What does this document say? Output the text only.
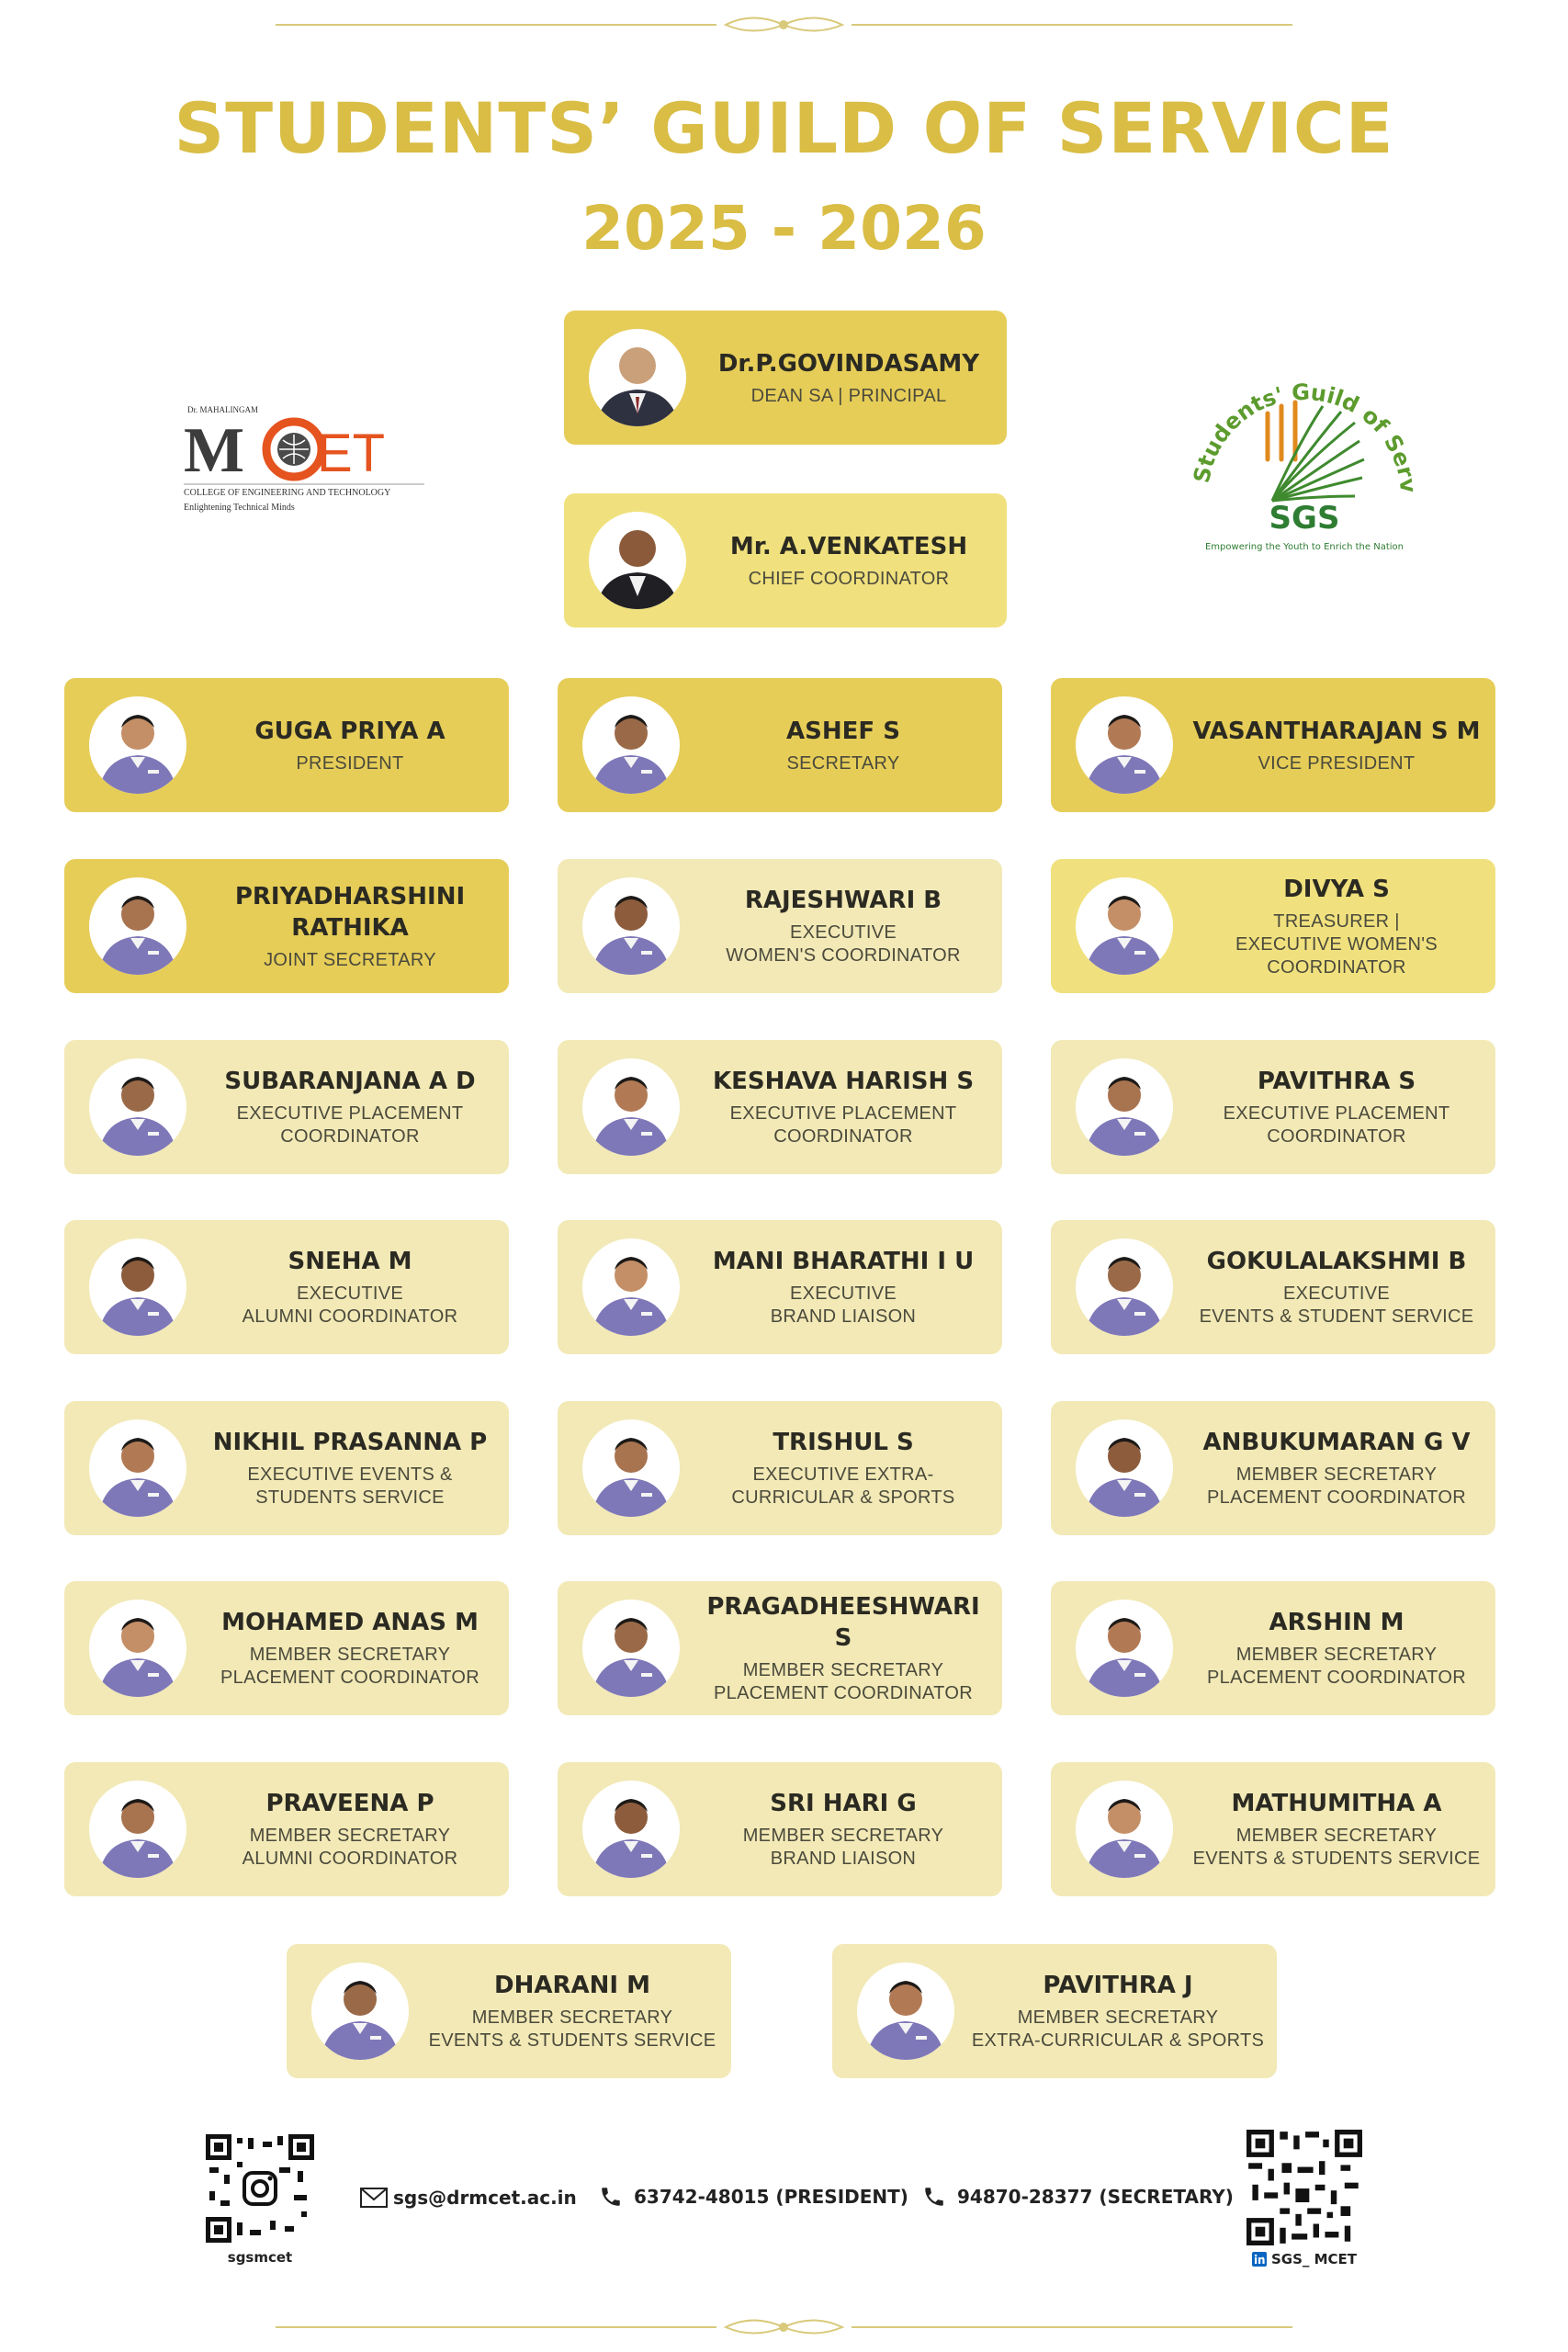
STUDENTS’ GUILD OF SERVICE
2025 - 2026
Dr. MAHALINGAM
M ET
COLLEGE OF ENGINEERING AND TECHNOLOGY
Enlightening Technical Minds
Students' Guild of Serv
SGS
Empowering the Youth to Enrich the Nation
Dr.P.GOVINDASAMY
DEAN SA | PRINCIPAL
Mr. A.VENKATESH
CHIEF COORDINATOR
GUGA PRIYA A
PRESIDENT
ASHEF S
SECRETARY
VASANTHARAJAN S M
VICE PRESIDENT
PRIYADHARSHINI
RATHIKA
JOINT SECRETARY
RAJESHWARI B
EXECUTIVE
WOMEN'S COORDINATOR
DIVYA S
TREASURER |
EXECUTIVE WOMEN'S
COORDINATOR
SUBARANJANA A D
EXECUTIVE PLACEMENT
COORDINATOR
KESHAVA HARISH S
EXECUTIVE PLACEMENT
COORDINATOR
PAVITHRA S
EXECUTIVE PLACEMENT
COORDINATOR
SNEHA M
EXECUTIVE
ALUMNI COORDINATOR
MANI BHARATHI I U
EXECUTIVE
BRAND LIAISON
GOKULALAKSHMI B
EXECUTIVE
EVENTS & STUDENT SERVICE
NIKHIL PRASANNA P
EXECUTIVE EVENTS &
STUDENTS SERVICE
TRISHUL S
EXECUTIVE EXTRA-
CURRICULAR & SPORTS
ANBUKUMARAN G V
MEMBER SECRETARY
PLACEMENT COORDINATOR
MOHAMED ANAS M
MEMBER SECRETARY
PLACEMENT COORDINATOR
PRAGADHEESHWARI S
MEMBER SECRETARY
PLACEMENT COORDINATOR
ARSHIN M
MEMBER SECRETARY
PLACEMENT COORDINATOR
PRAVEENA P
MEMBER SECRETARY
ALUMNI COORDINATOR
SRI HARI G
MEMBER SECRETARY
BRAND LIAISON
MATHUMITHA A
MEMBER SECRETARY
EVENTS & STUDENTS SERVICE
DHARANI M
MEMBER SECRETARY
EVENTS & STUDENTS SERVICE
PAVITHRA J
MEMBER SECRETARY
EXTRA-CURRICULAR & SPORTS
sgsmcet
sgs@drmcet.ac.in	63742-48015 (PRESIDENT)	94870-28377 (SECRETARY)
SGS_ MCET
